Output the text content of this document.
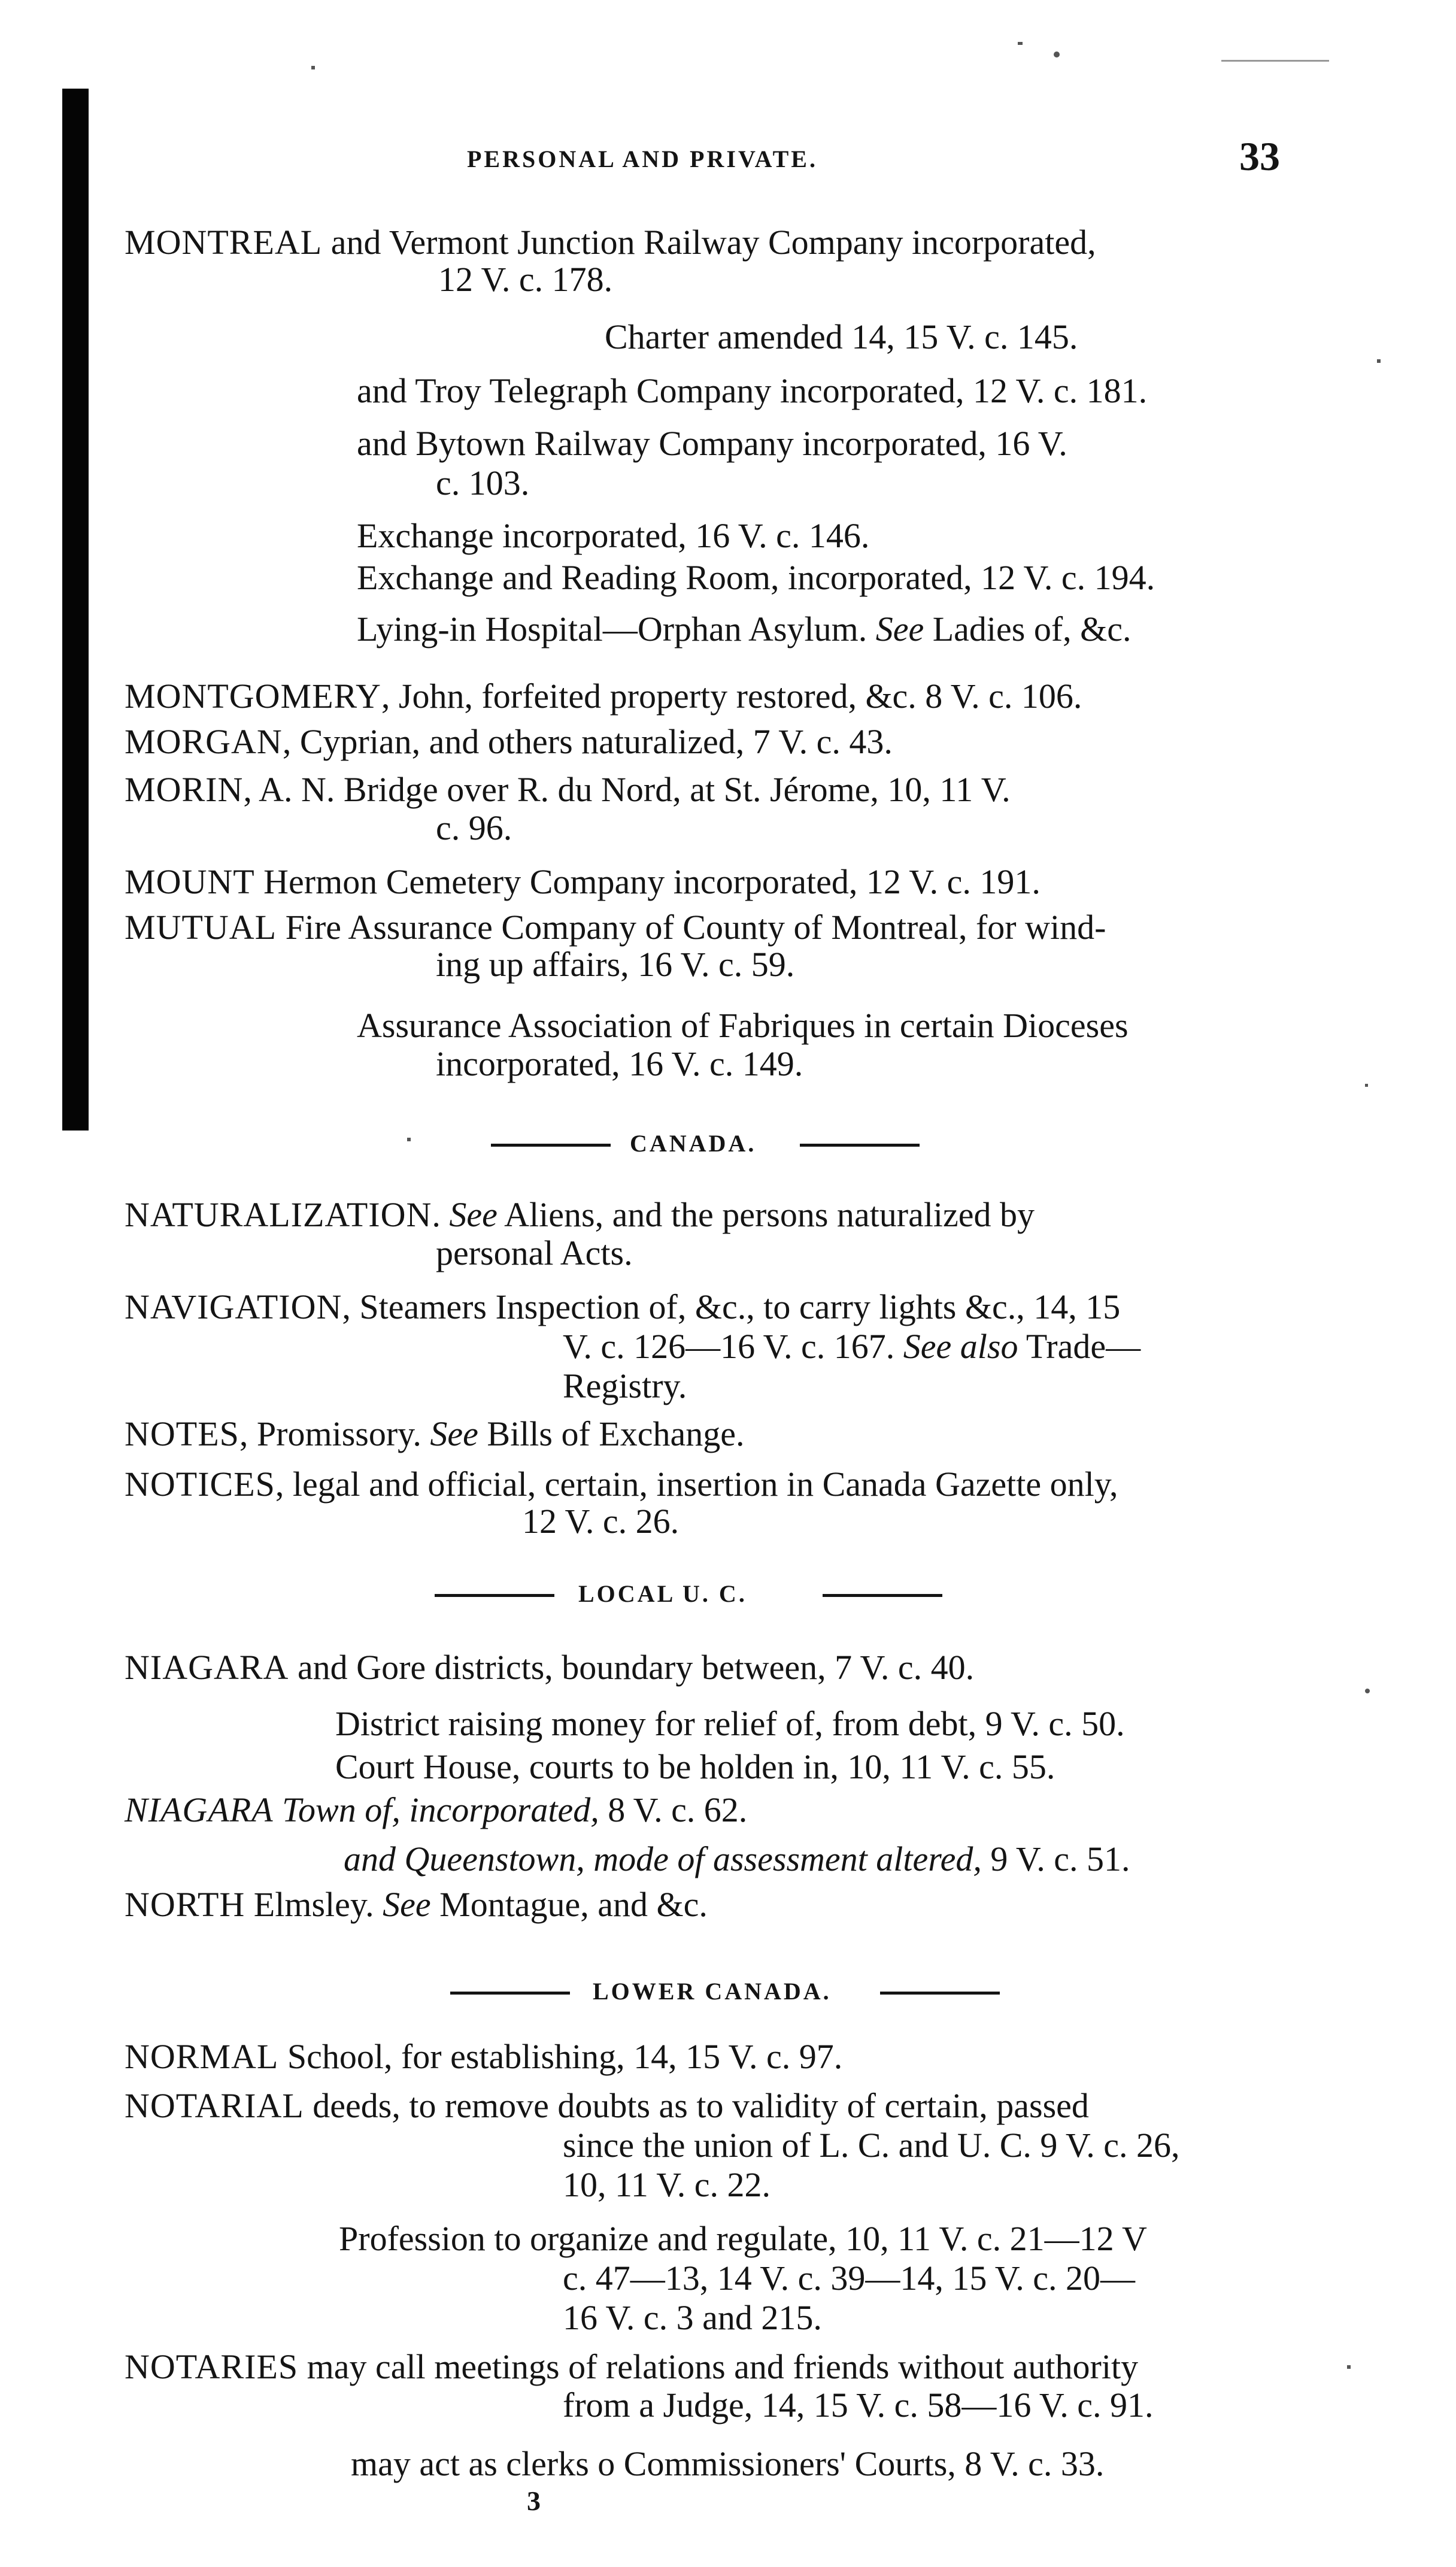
PERSONAL AND PRIVATE.	33
MONTREAL and Vermont Junction Railway Company incorporated,
12 V. c. 178.
Charter amended 14, 15 V. c. 145.
and Troy Telegraph Company incorporated, 12 V. c. 181.
and Bytown Railway Company incorporated, 16 V.
c. 103.
Exchange incorporated, 16 V. c. 146.
Exchange and Reading Room, incorporated, 12 V. c. 194.
Lying-in Hospital—Orphan Asylum. See Ladies of, &c.
MONTGOMERY, John, forfeited property restored, &c. 8 V. c. 106.
MORGAN, Cyprian, and others naturalized, 7 V. c. 43.
MORIN, A. N. Bridge over R. du Nord, at St. Jérome, 10, 11 V.
c. 96.
MOUNT Hermon Cemetery Company incorporated, 12 V. c. 191.
MUTUAL Fire Assurance Company of County of Montreal, for wind-
ing up affairs, 16 V. c. 59.
Assurance Association of Fabriques in certain Dioceses
incorporated, 16 V. c. 149.
CANADA.
NATURALIZATION. See Aliens, and the persons naturalized by
personal Acts.
NAVIGATION, Steamers Inspection of, &c., to carry lights &c., 14, 15
V. c. 126—16 V. c. 167. See also Trade—
Registry.
NOTES, Promissory. See Bills of Exchange.
NOTICES, legal and official, certain, insertion in Canada Gazette only,
12 V. c. 26.
LOCAL U. C.
NIAGARA and Gore districts, boundary between, 7 V. c. 40.
District raising money for relief of, from debt, 9 V. c. 50.
Court House, courts to be holden in, 10, 11 V. c. 55.
NIAGARA Town of, incorporated, 8 V. c. 62.
and Queenstown, mode of assessment altered, 9 V. c. 51.
NORTH Elmsley. See Montague, and &c.
LOWER CANADA.
NORMAL School, for establishing, 14, 15 V. c. 97.
NOTARIAL deeds, to remove doubts as to validity of certain, passed
since the union of L. C. and U. C. 9 V. c. 26,
10, 11 V. c. 22.
Profession to organize and regulate, 10, 11 V. c. 21—12 V
c. 47—13, 14 V. c. 39—14, 15 V. c. 20—
16 V. c. 3 and 215.
NOTARIES may call meetings of relations and friends without authority
from a Judge, 14, 15 V. c. 58—16 V. c. 91.
may act as clerks o Commissioners' Courts, 8 V. c. 33.
3
